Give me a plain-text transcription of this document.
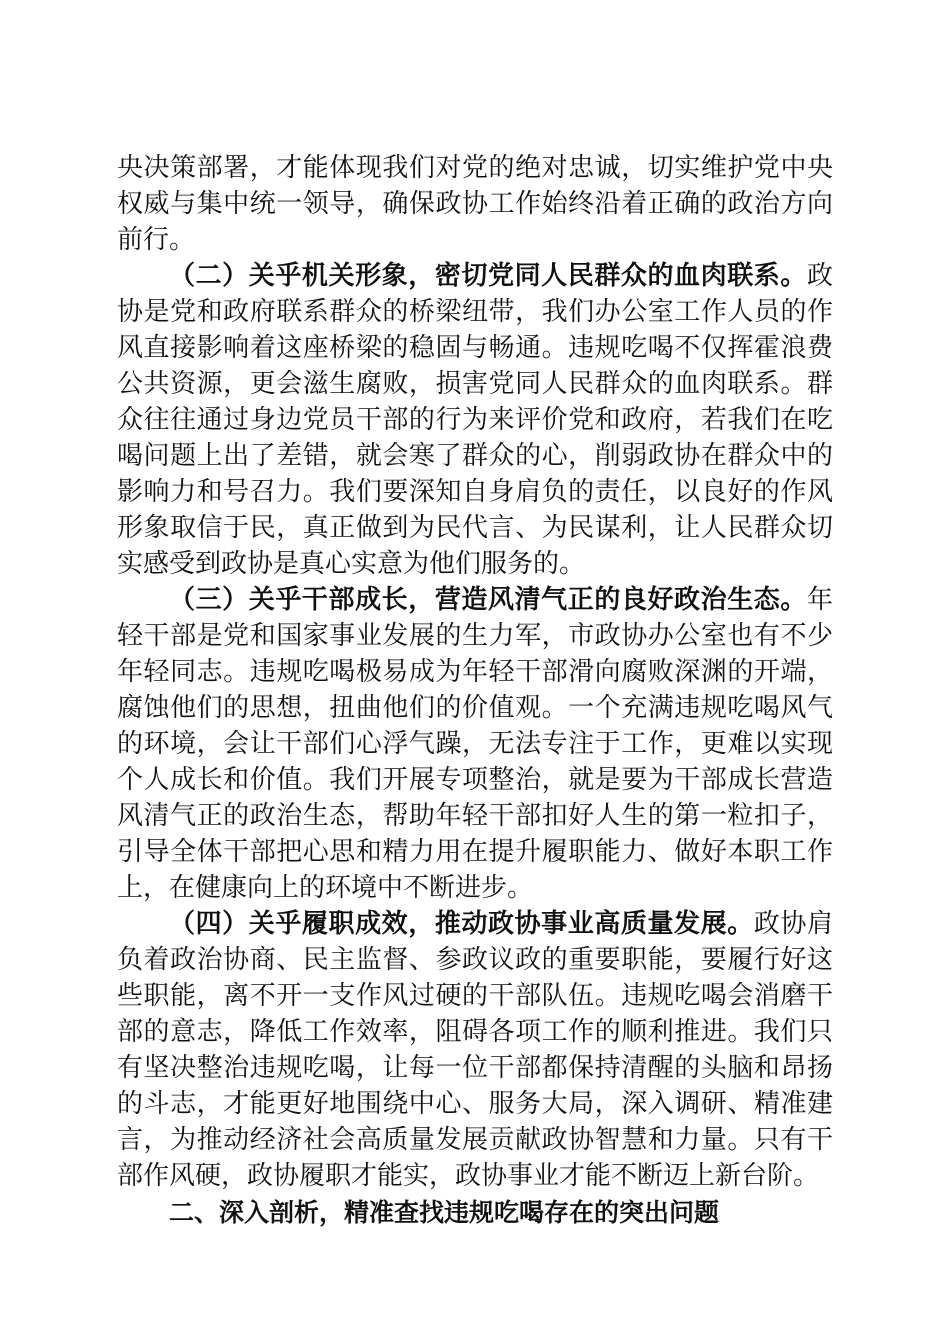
央决策部署，才能体现我们对党的绝对忠诚，切实维护党中央权威与集中统一领导，确保政协工作始终沿着正确的政治方向前行。

（二）关乎机关形象，密切党同人民群众的血肉联系。政协是党和政府联系群众的桥梁纽带，我们办公室工作人员的作风直接影响着这座桥梁的稳固与畅通。违规吃喝不仅挥霍浪费公共资源，更会滋生腐败，损害党同人民群众的血肉联系。群众往往通过身边党员干部的行为来评价党和政府，若我们在吃喝问题上出了差错，就会寒了群众的心，削弱政协在群众中的影响力和号召力。我们要深知自身肩负的责任，以良好的作风形象取信于民，真正做到为民代言、为民谋利，让人民群众切实感受到政协是真心实意为他们服务的。

（三）关乎干部成长，营造风清气正的良好政治生态。年轻干部是党和国家事业发展的生力军，市政协办公室也有不少年轻同志。违规吃喝极易成为年轻干部滑向腐败深渊的开端，腐蚀他们的思想，扭曲他们的价值观。一个充满违规吃喝风气的环境，会让干部们心浮气躁，无法专注于工作，更难以实现个人成长和价值。我们开展专项整治，就是要为干部成长营造风清气正的政治生态，帮助年轻干部扣好人生的第一粒扣子，引导全体干部把心思和精力用在提升履职能力、做好本职工作上，在健康向上的环境中不断进步。

（四）关乎履职成效，推动政协事业高质量发展。政协肩负着政治协商、民主监督、参政议政的重要职能，要履行好这些职能，离不开一支作风过硬的干部队伍。违规吃喝会消磨干部的意志，降低工作效率，阻碍各项工作的顺利推进。我们只有坚决整治违规吃喝，让每一位干部都保持清醒的头脑和昂扬的斗志，才能更好地围绕中心、服务大局，深入调研、精准建言，为推动经济社会高质量发展贡献政协智慧和力量。只有干部作风硬，政协履职才能实，政协事业才能不断迈上新台阶。

二、深入剖析，精准查找违规吃喝存在的突出问题
